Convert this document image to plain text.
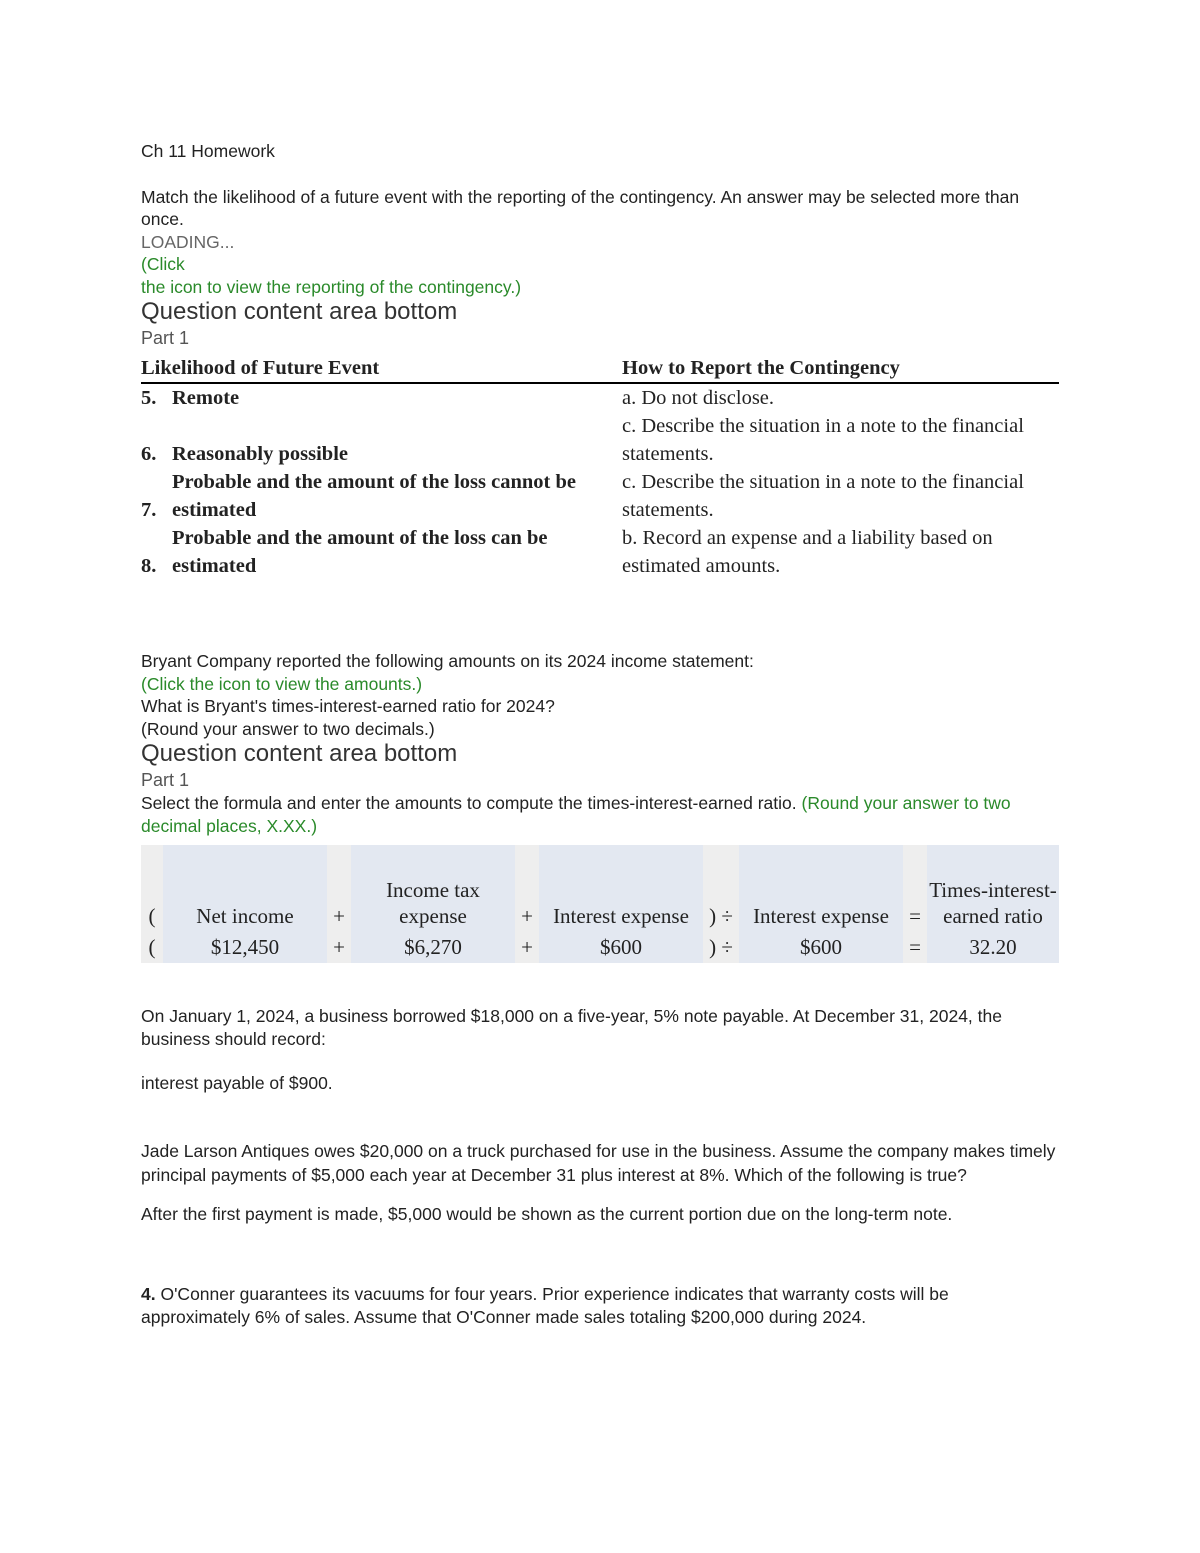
Ch 11 Homework

Match the likelihood of a future event with the reporting of the contingency. An answer may be selected more than once.

LOADING...

(Click

the icon to view the reporting of the contingency.)

Question content area bottom

Part 1

Likelihood of Future Event		How to Report the Contingency
5.	Remote	a. Do not disclose.
6.	Reasonably possible	c. Describe the situation in a note to the financial statements.
7.	Probable and the amount of the loss cannot be estimated	c. Describe the situation in a note to the financial statements.
8.	Probable and the amount of the loss can be estimated	b. Record an expense and a liability based on estimated amounts.

Bryant Company reported the following amounts on its 2024 income statement:

(Click the icon to view the amounts.)

What is Bryant's times-interest-earned ratio for 2024?

(Round your answer to two decimals.)

Question content area bottom

Part 1

Select the formula and enter the amounts to compute the times-interest-earned ratio. (Round your answer to two decimal places, X.XX.)

(	Net income	+	Income tax expense	+	Interest expense	) ÷	Interest expense	=	Times-interest-earned ratio
(	$12,450	+	$6,270	+	$600	) ÷	$600	=	32.20

On January 1, 2024, a business borrowed $18,000 on a five-year, 5% note payable. At December 31, 2024, the business should record:

interest payable of $900.

Jade Larson Antiques owes $20,000 on a truck purchased for use in the business. Assume the company makes timely principal payments of $5,000 each year at December 31 plus interest at 8%. Which of the following is true?

After the first payment is made, $5,000 would be shown as the current portion due on the long-term note.

4. O'Conner guarantees its vacuums for four years. Prior experience indicates that warranty costs will be approximately 6% of sales. Assume that O'Conner made sales totaling $200,000 during 2024.
